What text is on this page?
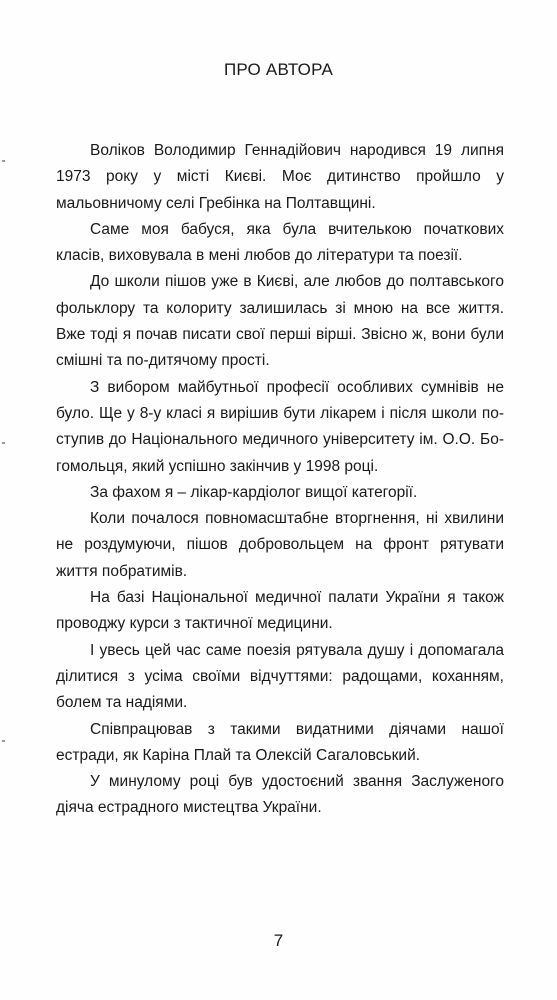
ПРО АВТОРА

Воліков Володимир Геннадійович народився 19 липня 1973 року у місті Києві. Моє дитинство пройшло у мальовничому селі Гребінка на Полтавщині.

Саме моя бабуся, яка була вчителькою початкових класів, виховувала в мені любов до літератури та поезії.

До школи пішов уже в Києві, але любов до полтавського фольклору та колориту залишилась зі мною на все життя. Вже тоді я почав писати свої перші вірші. Звісно ж, вони були смішні та по-дитячому прості.

З вибором майбутньої професії особливих сумнівів не було. Ще у 8-у класі я вирішив бути лікарем і після школи поступив до Національного медичного університету ім. О.О. Богомольця, який успішно закінчив у 1998 році.

За фахом я – лікар-кардіолог вищої категорії.

Коли почалося повномасштабне вторгнення, ні хвилини не роздумуючи, пішов добровольцем на фронт рятувати життя побратимів.

На базі Національної медичної палати України я також проводжу курси з тактичної медицини.

І увесь цей час саме поезія рятувала душу і допомагала ділитися з усіма своїми відчуттями: радощами, коханням, болем та надіями.

Співпрацював з такими видатними діячами нашої естради, як Каріна Плай та Олексій Сагаловський.

У минулому році був удостоєний звання Заслуженого діяча естрадного мистецтва України.

7
